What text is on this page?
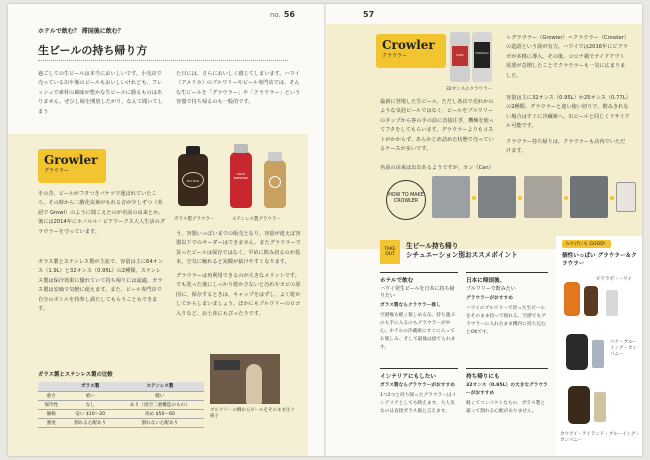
no. 56	57
ホテルで飲む？ 滞国後に飲む？
生ビールの持ち帰り方
過ごしての生ビールは本当においしいです。小売店で売っている缶や瓶のビールもおいしいけれども、フレッシュで素材の風味が豊かな生ビールに勝るものはありません。ぜひし帰を開放したがり、なんて聞いてしまう
た日には、さらにおいしく感じてしまいます。ハワイ（アメリカ）のブルワリーやビール専門店では、そんな生ビールを「グラウラー」や「クラウラー」という容器で持ち帰るのも一般的です。
Growler
グラウラー
MAHIKAI
MAUI BREWING
ガラス製グラウラー	ステンレス製グラウラー
その昔、ビールがフタつきバケツで運ばれていたころ、その時から二酸化炭素がもれる音が少しずつ（英語で Growl）のように聞こえたのが名前の由来とか。後には2014年にホノルル・ビアワークス大人生活のグラウラーを守っています。
ガラス製とステンレス製が主流で、容量は主に64オンス（1.9L）と32オンス（0.95L）の2種類。ステンレス製は保冷効果に優れていて持ち帰りには最適。ガラス製は安価で気軽に使えます。また、ビール専門店で自分のボトルを持参し満たしてもらうこともできます。
う。容器いっぱいまでの販売となり、容量が違えば容器以下でのオーダーはできません。またグラウラーで買ったビールは保存ではなく、早めに飲み切るのが基本。空気に触れると炭酸が抜けやすくなります。
グラウラーは再利用できるのが大きなメリットです。でも洗った後にしっかり乾かさないと汚れやカビの原因に。保存するときは、キャップをはずし、よく乾かしてからしまいましょう。ほかにもブルワリーのロゴ入りなど、お土産にもぴったりです。
ガラス製とステンレス製の比較
	ガラス製	ステンレス製
重さ	重い	軽い
保冷性	なし	あり（真空二重構造のもの）
価格	安い $10〜20	高め $50〜60
強度	割れる心配あり	割れない心配あり
ブルワリーの樽からビールをそのまま注ぐ様子
Crowler
クラウラー	HANA
HONOLULU
32オンスのクラウラー
最新に登場した生ビール。ただし各店で売れかのような気泡ビールではなく、ビールをブルワリーのタップから客の手の前に直接注ぎ、機械を使ってフタをしてもらいます。グラウラーよりもコストがかからず、あらかじめ詰めた状態で売っているケースが多いです。
名前の由来は缶缶あるようですが、カン（Can）
＋グラウラー（Growler）＝クラウラー（Crowler）の造語という説が有力。ハワイでは2016年にビアラボが本格に導入。その後、コロナ禍でテイクアウト需要が急増したことでクラウラーも一気に広まりました。
容量は主に32オンス（0.95L）か25オンス（0.77L）の2種類。グラウラーと違い使い切りで、飲みきれない場合はすぐに冷蔵庫へ。缶ビールと同じくリサイクル可能です。
クラウラー持ち帰りは、クラウラーも店内でいただけます。
HOW TO MAKE CROWLER
TAKE OUT
生ビール持ち帰り
シチュエーション別おススメポイント
ホテルで飲む
ハワイ発生ビールを日本に持ち帰りたい
ガラス製ならクラウラー推し
空港後も軽く楽しめる缶。持ち運ぶのも手に入るのもグラウラーが中心。ホテルの冷蔵庫にすぐに入ってお楽しみ、そして最後は捨てられます。
日本に帰国後、
ブルワリーで飲みたい
グラウラーがおすすめ
ハワイのブルワリーで買った生ビールをそのまま持って帰れる。空港でもグラウラーに入れたまま機内に持ち込むとOKです。
インテリアにもしたい
ガラス製ならグラウラーがおすすめ
1つ2つと持ち帰ったグラウラーはインテリアとしても映えます。大人気なのは直接ガラス瓶と言えます。
持ち帰りにも
32オンス（0.95L）の大きなグラウラーがおすすめ
軽くてコンパクトなもの、ガラス製と違って割れる心配がありません。
みやげにも GOOD！
個性いっぱい グラウラー＆クラウラー
ビアラボ・ハワイ
コナ・ブルーイング・カンパニー
カウアイ・アイランド・ブルーイング・カンパニー
